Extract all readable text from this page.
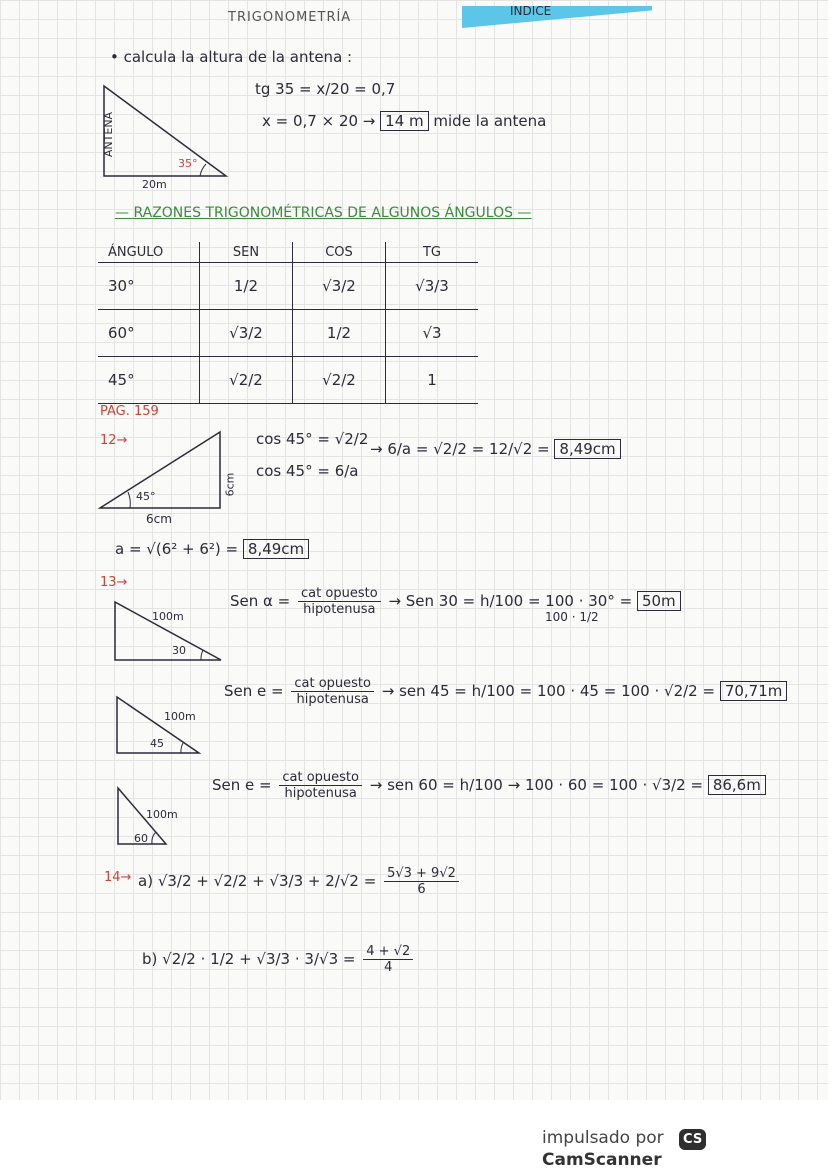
INDICE
TRIGONOMETRÍA
• calcula la altura de la antena :
ANTENA
35°
20m
tg 35 = x/20 = 0,7
x = 0,7 × 20 → 14 m mide la antena
— RAZONES TRIGONOMÉTRICAS DE ALGUNOS ÁNGULOS —
ÁNGULO	SEN	COS	TG
30°	1/2	√3/2	√3/3
60°	√3/2	1/2	√3
45°	√2/2	√2/2	1
PAG. 159
12→
45°
6cm
6cm
cos 45° = √2/2
cos 45° = 6/a
→ 6/a = √2/2 = 12/√2 = 8,49cm
a = √(6² + 6²) = 8,49cm
13→
100m
30
Sen $\alpha = \frac{\text{cat opuesto}}{\text{hipotenusa}}$ → Sen 30 = h/100 = 100 · 30° = 50m
100 · 1/2
100m
45
Sen $e = \frac{\text{cat opuesto}}{\text{hipotenusa}}$ → sen 45 = h/100 = 100 · 45 = 100 · √2/2 = 70,71m
100m
60
Sen $e = \frac{\text{cat opuesto}}{\text{hipotenusa}}$ → sen 60 = h/100 → 100 · 60 = 100 · √3/2 = 86,6m
14→ a) $√3/2 + √2/2 + √3/3 + 2/√2 = \frac{5√3 + 9√2}{6}$
b) $√2/2 \cdot 1/2 + √3/3 \cdot 3/√3 = \frac{4 + √2}{4}$
impulsado por CS CamScanner
